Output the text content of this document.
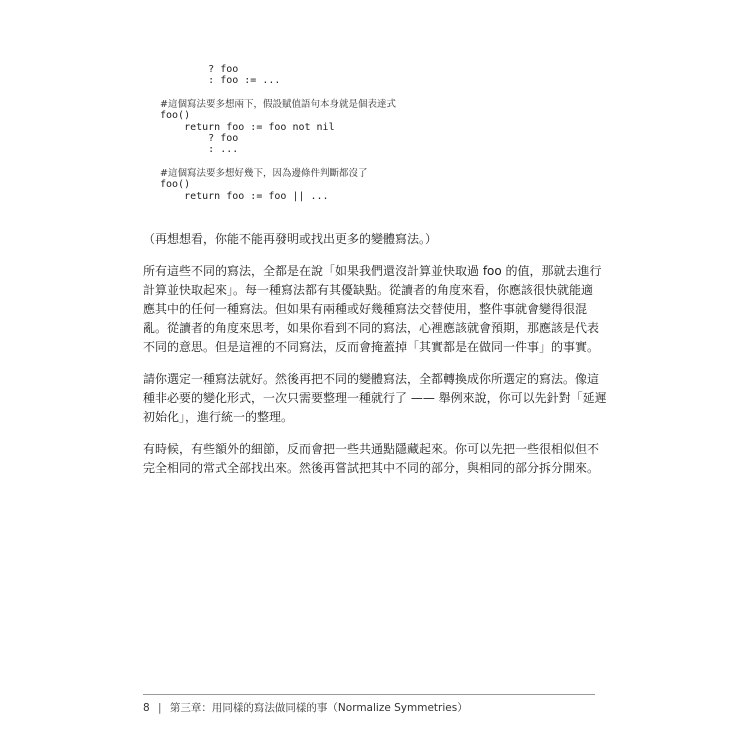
? foo
: foo := ...
#這個寫法要多想兩下，假設賦值語句本身就是個表達式
foo()
return foo := foo not nil
? foo
: ...
#這個寫法要多想好幾下，因為邊條件判斷都沒了
foo()
return foo := foo || ...
（再想想看，你能不能再發明或找出更多的變體寫法。）
所有這些不同的寫法，全都是在說「如果我們還沒計算並快取過 foo 的值，那就去進行
計算並快取起來」。每一種寫法都有其優缺點。從讀者的角度來看，你應該很快就能適
應其中的任何一種寫法。但如果有兩種或好幾種寫法交替使用，整件事就會變得很混
亂。從讀者的角度來思考，如果你看到不同的寫法，心裡應該就會預期，那應該是代表
不同的意思。但是這裡的不同寫法，反而會掩蓋掉「其實都是在做同一件事」的事實。
請你選定一種寫法就好。然後再把不同的變體寫法，全都轉換成你所選定的寫法。像這
種非必要的變化形式，一次只需要整理一種就行了 —— 舉例來說，你可以先針對「延遲
初始化」，進行統一的整理。
有時候，有些額外的細節，反而會把一些共通點隱藏起來。你可以先把一些很相似但不
完全相同的常式全部找出來。然後再嘗試把其中不同的部分，與相同的部分拆分開來。
8 | 第三章：用同樣的寫法做同樣的事（Normalize Symmetries）
